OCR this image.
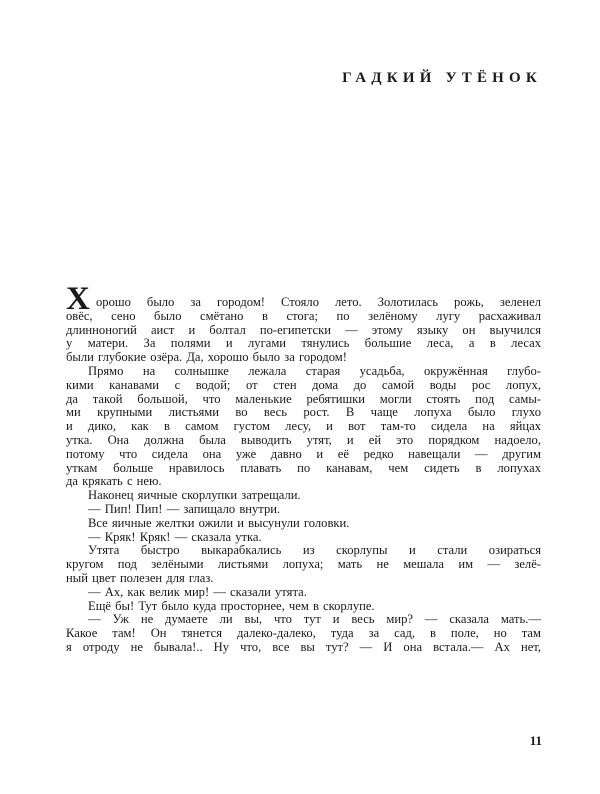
ГАДКИЙ УТЁНОК
Х орошо было за городом! Стояло лето. Золотилась рожь, зеленел
овёс, сено было смётано в стога; по зелёному лугу расхаживал
длинноногий аист и болтал по-египетски — этому языку он выучился
у матери. За полями и лугами тянулись большие леса, а в лесах
были глубокие озёра. Да, хорошо было за городом!
Прямо на солнышке лежала старая усадьба, окружённая глубо-
кими канавами с водой; от стен дома до самой воды рос лопух,
да такой большой, что маленькие ребятишки могли стоять под самы-
ми крупными листьями во весь рост. В чаще лопуха было глухо
и дико, как в самом густом лесу, и вот там-то сидела на яйцах
утка. Она должна была выводить утят, и ей это порядком надоело,
потому что сидела она уже давно и её редко навещали — другим
уткам больше нравилось плавать по канавам, чем сидеть в лопухах
да крякать с нею.
Наконец яичные скорлупки затрещали.
— Пип! Пип! — запищало внутри.
Все яичные желтки ожили и высунули головки.
— Кряк! Кряк! — сказала утка.
Утята быстро выкарабкались из скорлупы и стали озираться
кругом под зелёными листьями лопуха; мать не мешала им — зелё-
ный цвет полезен для глаз.
— Ах, как велик мир! — сказали утята.
Ещё бы! Тут было куда просторнее, чем в скорлупе.
— Уж не думаете ли вы, что тут и весь мир? — сказала мать.—
Какое там! Он тянется далеко-далеко, туда за сад, в поле, но там
я отроду не бывала!.. Ну что, все вы тут? — И она встала.— Ах нет,
11
